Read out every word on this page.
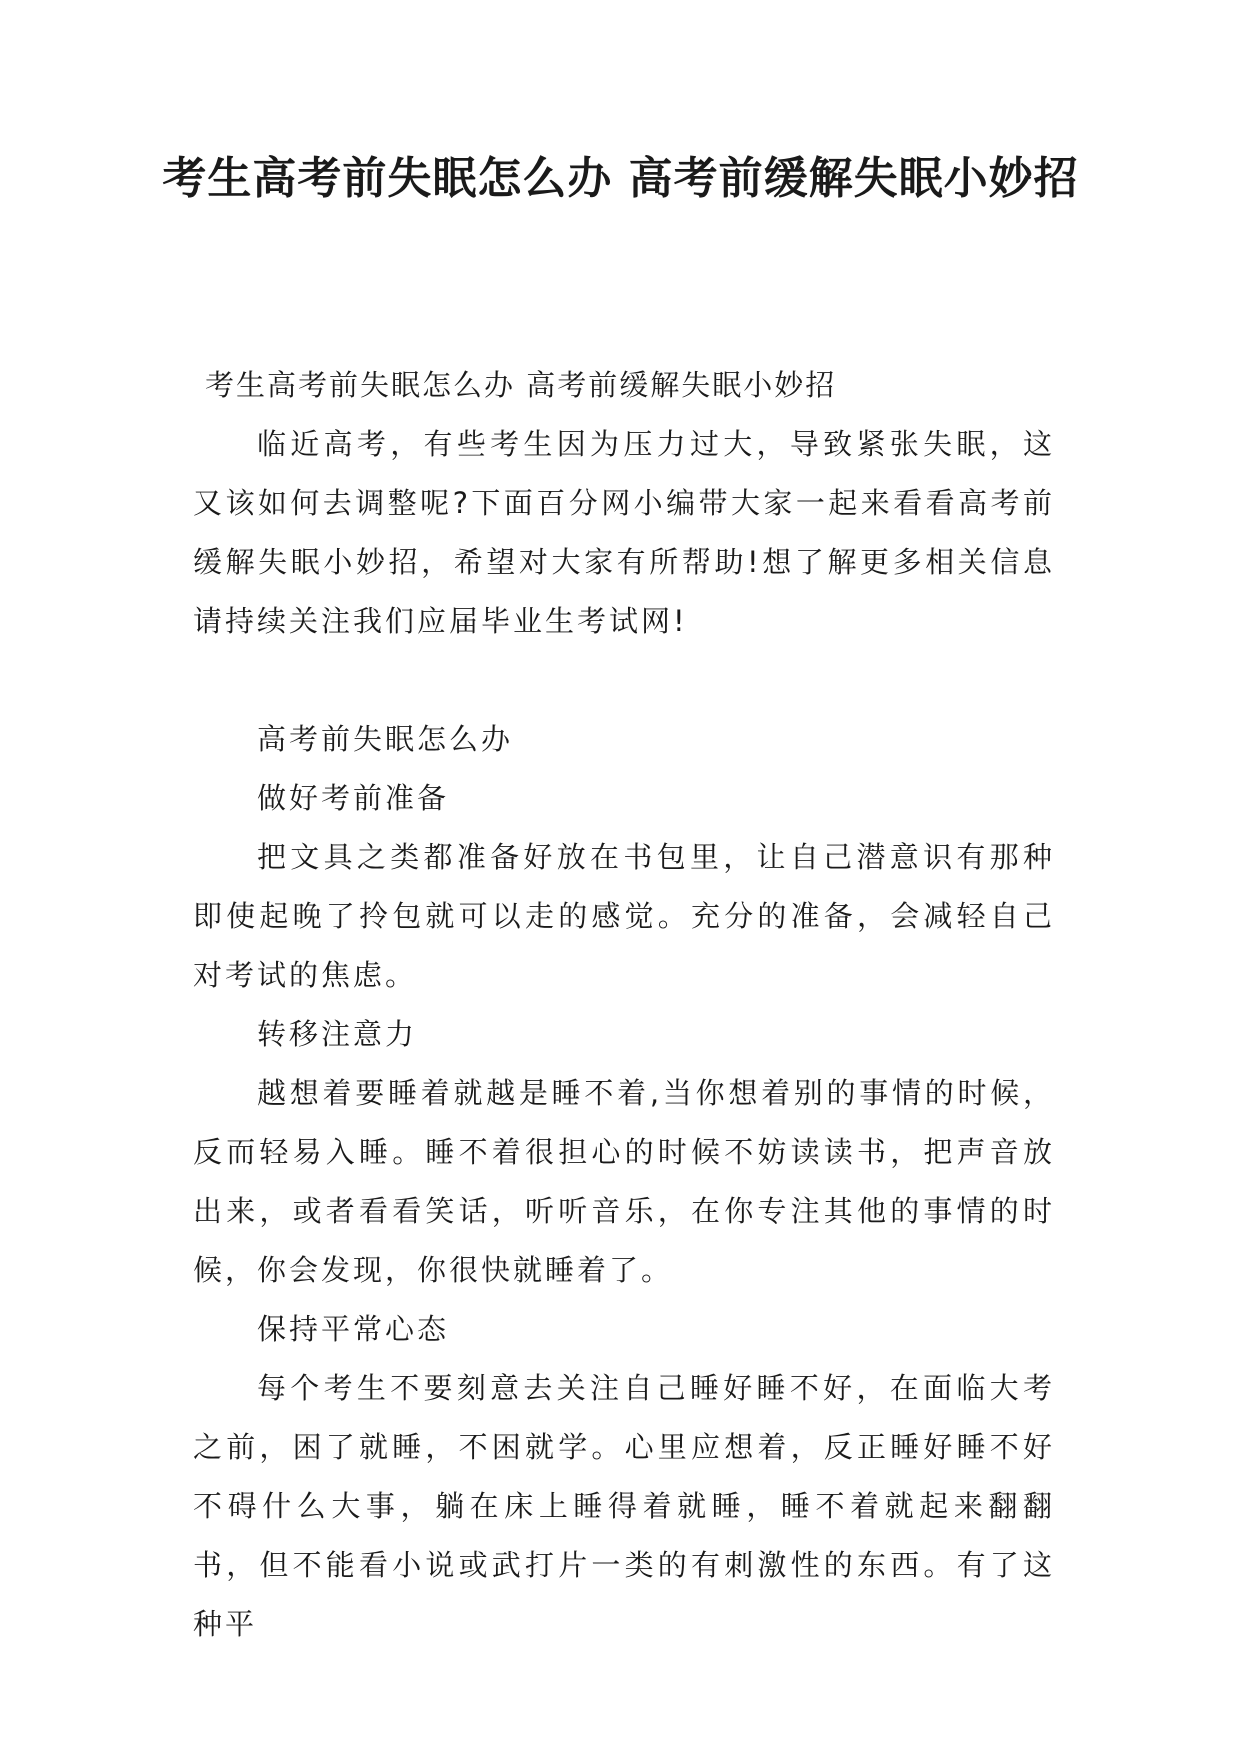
考生高考前失眠怎么办 高考前缓解失眠小妙招

考生高考前失眠怎么办 高考前缓解失眠小妙招

临近高考，有些考生因为压力过大，导致紧张失眠，这又该如何去调整呢?下面百分网小编带大家一起来看看高考前缓解失眠小妙招，希望对大家有所帮助!想了解更多相关信息请持续关注我们应届毕业生考试网!

高考前失眠怎么办

做好考前准备

把文具之类都准备好放在书包里，让自己潜意识有那种即使起晚了拎包就可以走的感觉。充分的准备，会减轻自己对考试的焦虑。

转移注意力

越想着要睡着就越是睡不着,当你想着别的事情的时候，反而轻易入睡。睡不着很担心的时候不妨读读书，把声音放出来，或者看看笑话，听听音乐，在你专注其他的事情的时候，你会发现，你很快就睡着了。

保持平常心态

每个考生不要刻意去关注自己睡好睡不好，在面临大考之前，困了就睡，不困就学。心里应想着，反正睡好睡不好不碍什么大事，躺在床上睡得着就睡，睡不着就起来翻翻书，但不能看小说或武打片一类的有刺激性的东西。有了这种平
